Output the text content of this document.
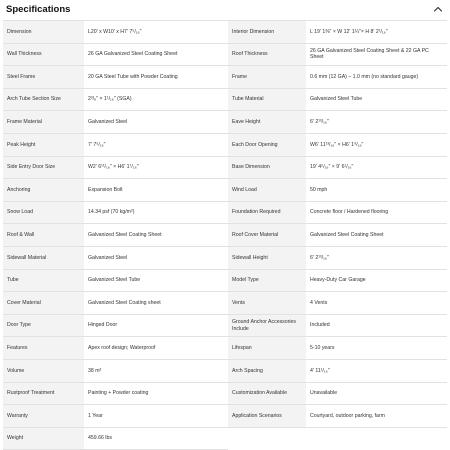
Specifications
Dimension	L20' x W10' x H7' 7⁵/₁₆"	Interior Dimension	L 19' 1⅜" × W 12' 1¼"× H 8' 2¹/₁₆"
Wall Thickness	26 GA Galvanized Steel Coating Sheet	Roof Thickness	26 GA Galvanized Steel Coating Sheet & 22 GA PC Sheet
Steel Frame	20 GA Steel Tube with Powder Coating	Frame	0.6 mm (12 GA) – 1.0 mm (no standard gauge)
Arch Tube Section Size	2³/₈" × 1¹/₁₆" (SGA)	Tube Material	Galvanized Steel Tube
Frame Material	Galvanized Steel	Eave Height	6' 2¹³/₁₆"
Peak Height	7' 7⁵/₁₆"	Each Door Opening	W6' 11¹³/₁₆" × H6' 1⁹/₁₆"
Side Entry Door Size	W2' 6¹¹/₁₆" × H6' 1⁷/₁₆"	Base Dimension	19' 4⁵/₁₆" × 9' 6¹/₁₆"
Anchoring	Expansion Bolt	Wind Load	50 mph
Snow Load	14.34 psf (70 kg/m²)	Foundation Required	Concrete floor / Hardened flooring
Roof & Wall	Galvanized Steel Coating Sheet	Roof Cover Material	Galvanized Steel Coating Sheet
Sidewall Material	Galvanized Steel	Sidewall Height	6' 2¹³/₁₆"
Tube	Galvanized Steel Tube	Model Type	Heavy-Duty Car Garage
Cover Material	Galvanized Steel Coating sheet	Vents	4 Vents
Door Type	Hinged Door	Ground Anchor Accessories Include	Included
Features	Apex roof design; Waterproof	Lifespan	5-10 years
Volume	38 m³	Arch Spacing	4' 11¹/₁₆"
Rustproof Treatment	Painting + Powder coating	Customization Available	Unavailable
Warranty	1 Year	Application Scenarios	Courtyard, outdoor parking, farm
Weight	459.66 lbs		
